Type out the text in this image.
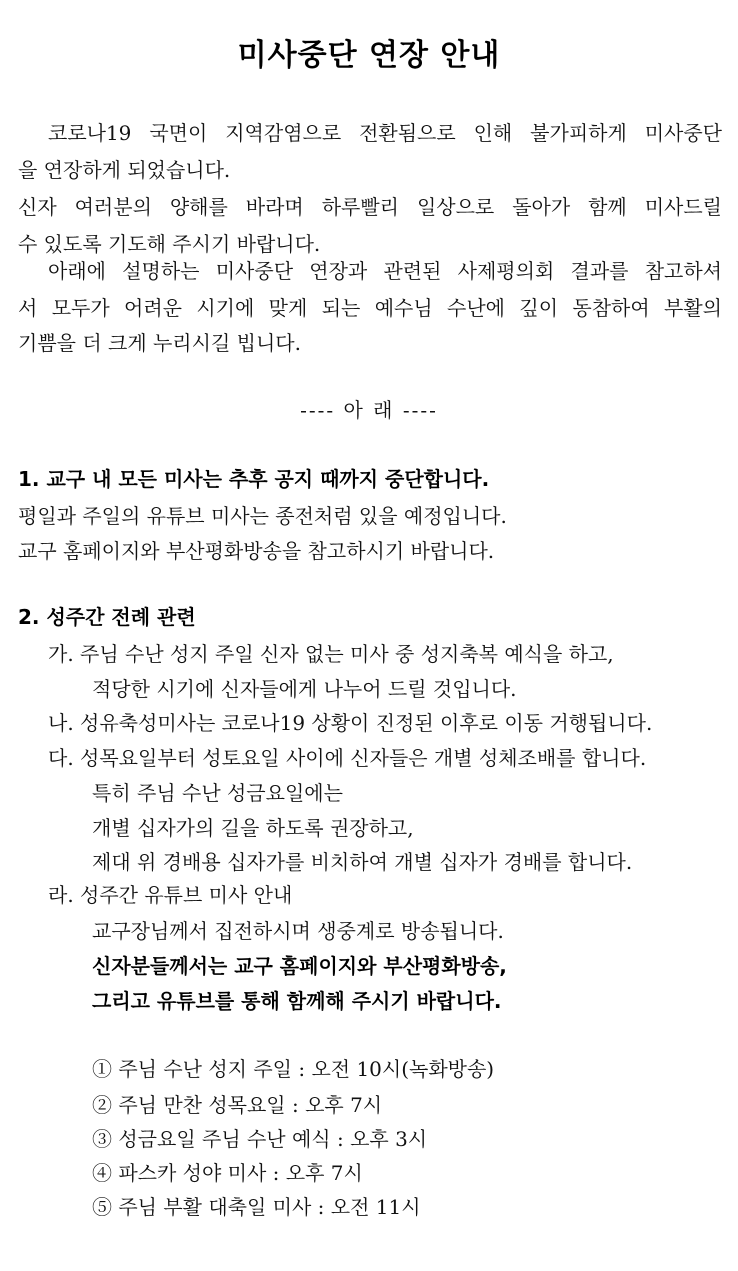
미사중단 연장 안내
코로나19 국면이 지역감염으로 전환됨으로 인해 불가피하게 미사중단
을 연장하게 되었습니다.
신자 여러분의 양해를 바라며 하루빨리 일상으로 돌아가 함께 미사드릴
수 있도록 기도해 주시기 바랍니다.
아래에 설명하는 미사중단 연장과 관련된 사제평의회 결과를 참고하셔
서 모두가 어려운 시기에 맞게 되는 예수님 수난에 깊이 동참하여 부활의
기쁨을 더 크게 누리시길 빕니다.
---- 아 래 ----
1. 교구 내 모든 미사는 추후 공지 때까지 중단합니다.
평일과 주일의 유튜브 미사는 종전처럼 있을 예정입니다.
교구 홈페이지와 부산평화방송을 참고하시기 바랍니다.
2. 성주간 전례 관련
가. 주님 수난 성지 주일 신자 없는 미사 중 성지축복 예식을 하고,
적당한 시기에 신자들에게 나누어 드릴 것입니다.
나. 성유축성미사는 코로나19 상황이 진정된 이후로 이동 거행됩니다.
다. 성목요일부터 성토요일 사이에 신자들은 개별 성체조배를 합니다.
특히 주님 수난 성금요일에는
개별 십자가의 길을 하도록 권장하고,
제대 위 경배용 십자가를 비치하여 개별 십자가 경배를 합니다.
라. 성주간 유튜브 미사 안내
교구장님께서 집전하시며 생중계로 방송됩니다.
신자분들께서는 교구 홈페이지와 부산평화방송,
그리고 유튜브를 통해 함께해 주시기 바랍니다.
① 주님 수난 성지 주일 : 오전 10시(녹화방송)
② 주님 만찬 성목요일 : 오후 7시
③ 성금요일 주님 수난 예식 : 오후 3시
④ 파스카 성야 미사 : 오후 7시
⑤ 주님 부활 대축일 미사 : 오전 11시
